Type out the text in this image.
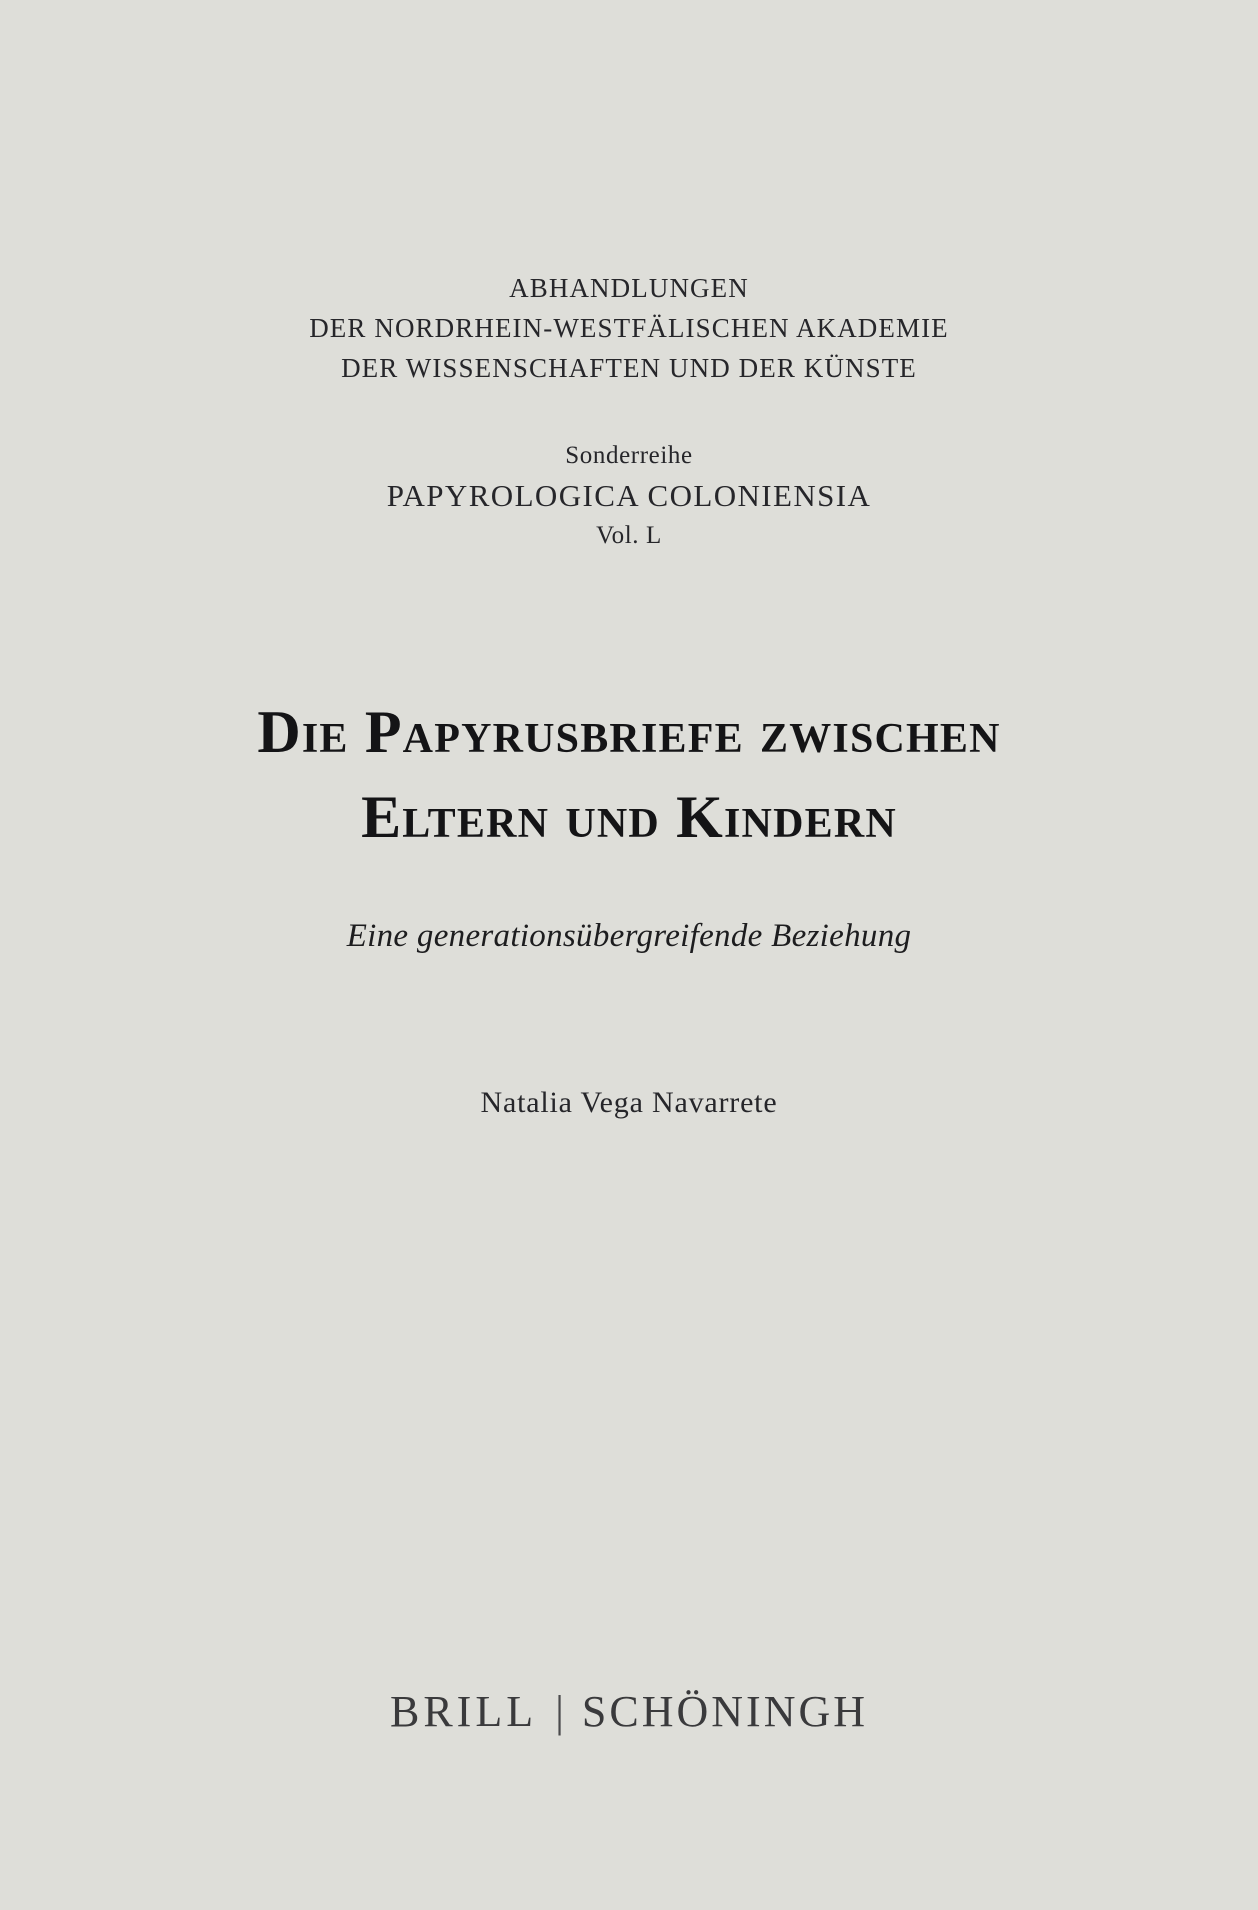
ABHANDLUNGEN
DER NORDRHEIN-WESTFÄLISCHEN AKADEMIE
DER WISSENSCHAFTEN UND DER KÜNSTE
Sonderreihe
PAPYROLOGICA COLONIENSIA
Vol. L
Die Papyrusbriefe zwischen
Eltern und Kindern
Eine generationsübergreifende Beziehung
Natalia Vega Navarrete
BRILL | SCHÖNINGH
